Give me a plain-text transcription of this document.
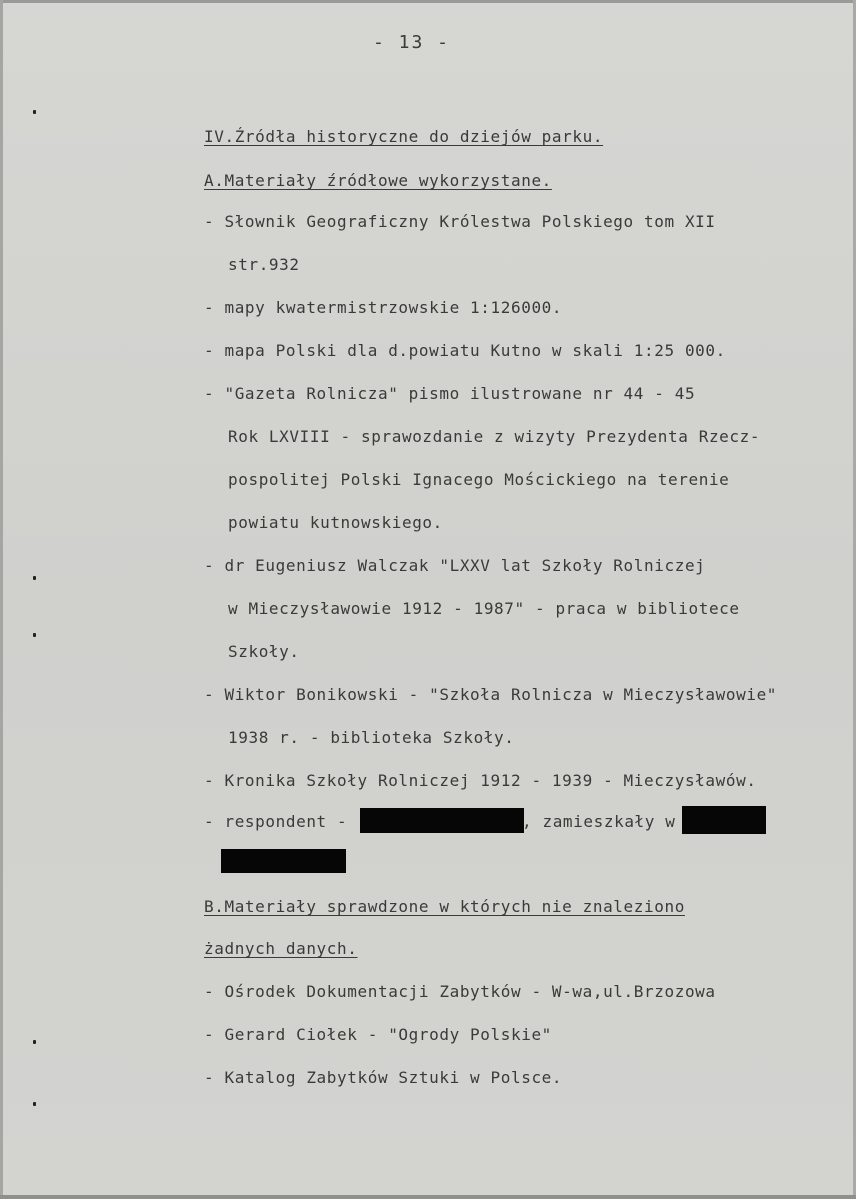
- 13 -
IV.Źródła historyczne do dziejów parku.
A.Materiały źródłowe wykorzystane.
- Słownik Geograficzny Królestwa Polskiego tom XII
str.932
- mapy kwatermistrzowskie 1:126000.
- mapa Polski dla d.powiatu Kutno w skali 1:25 000.
- "Gazeta Rolnicza" pismo ilustrowane nr 44 - 45
Rok LXVIII - sprawozdanie z wizyty Prezydenta Rzecz-
pospolitej Polski Ignacego Mościckiego na terenie
powiatu kutnowskiego.
- dr Eugeniusz Walczak "LXXV lat Szkoły Rolniczej
w Mieczysławowie 1912 - 1987" - praca w bibliotece
Szkoły.
- Wiktor Bonikowski - "Szkoła Rolnicza w Mieczysławowie"
1938 r. - biblioteka Szkoły.
- Kronika Szkoły Rolniczej 1912 - 1939 - Mieczysławów.
- respondent -	, zamieszkały w
B.Materiały sprawdzone w których nie znaleziono
żadnych danych.
- Ośrodek Dokumentacji Zabytków - W-wa,ul.Brzozowa
- Gerard Ciołek - "Ogrody Polskie"
- Katalog Zabytków Sztuki w Polsce.
